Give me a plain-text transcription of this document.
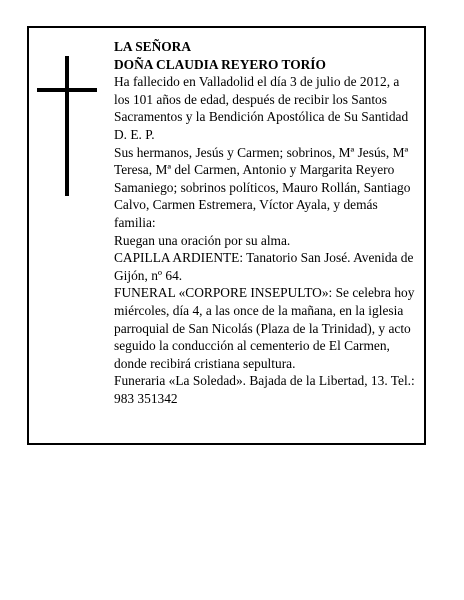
LA SEÑORA

DOÑA CLAUDIA REYERO TORÍO

Ha fallecido en Valladolid el día 3 de julio de 2012, a los 101 años de edad, después de recibir los Santos Sacramentos y la Bendición Apostólica de Su Santidad D. E. P.

Sus hermanos, Jesús y Carmen; sobrinos, Mª Jesús, Mª Teresa, Mª del Carmen, Antonio y Margarita Reyero Samaniego; sobrinos políticos, Mauro Rollán, Santiago Calvo, Carmen Estremera, Víctor Ayala, y demás familia:

Ruegan una oración por su alma.

CAPILLA ARDIENTE: Tanatorio San José. Avenida de Gijón, nº 64.

FUNERAL «CORPORE INSEPULTO»: Se celebra hoy miércoles, día 4, a las once de la mañana, en la iglesia parroquial de San Nicolás (Plaza de la Trinidad), y acto seguido la conducción al cementerio de El Carmen, donde recibirá cristiana sepultura.

Funeraria «La Soledad». Bajada de la Libertad, 13. Tel.: 983 351342
